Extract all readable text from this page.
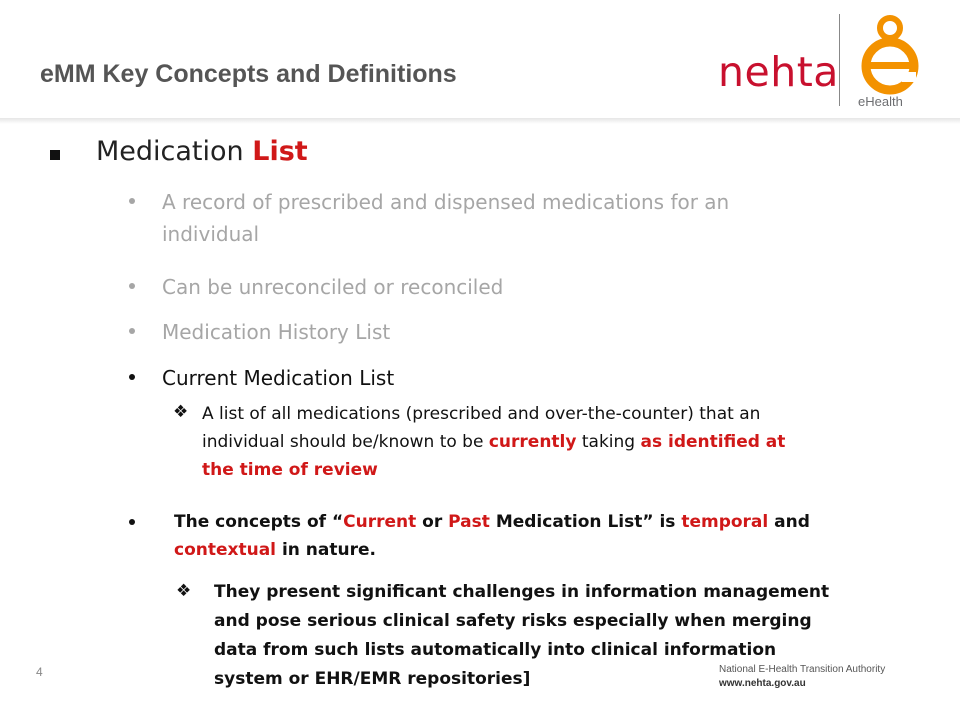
eMM Key Concepts and Definitions	nehta
eHealth
Medication List
A record of prescribed and dispensed medications for an
individual
Can be unreconciled or reconciled
Medication History List
Current Medication List
❖ A list of all medications (prescribed and over-the-counter) that an
individual should be/known to be currently taking as identified at
the time of review
The concepts of “Current or Past Medication List” is temporal and
contextual in nature.
❖ They present significant challenges in information management
and pose serious clinical safety risks especially when merging
data from such lists automatically into clinical information
system or EHR/EMR repositories]
4	National E-Health Transition Authority
www.nehta.gov.au
